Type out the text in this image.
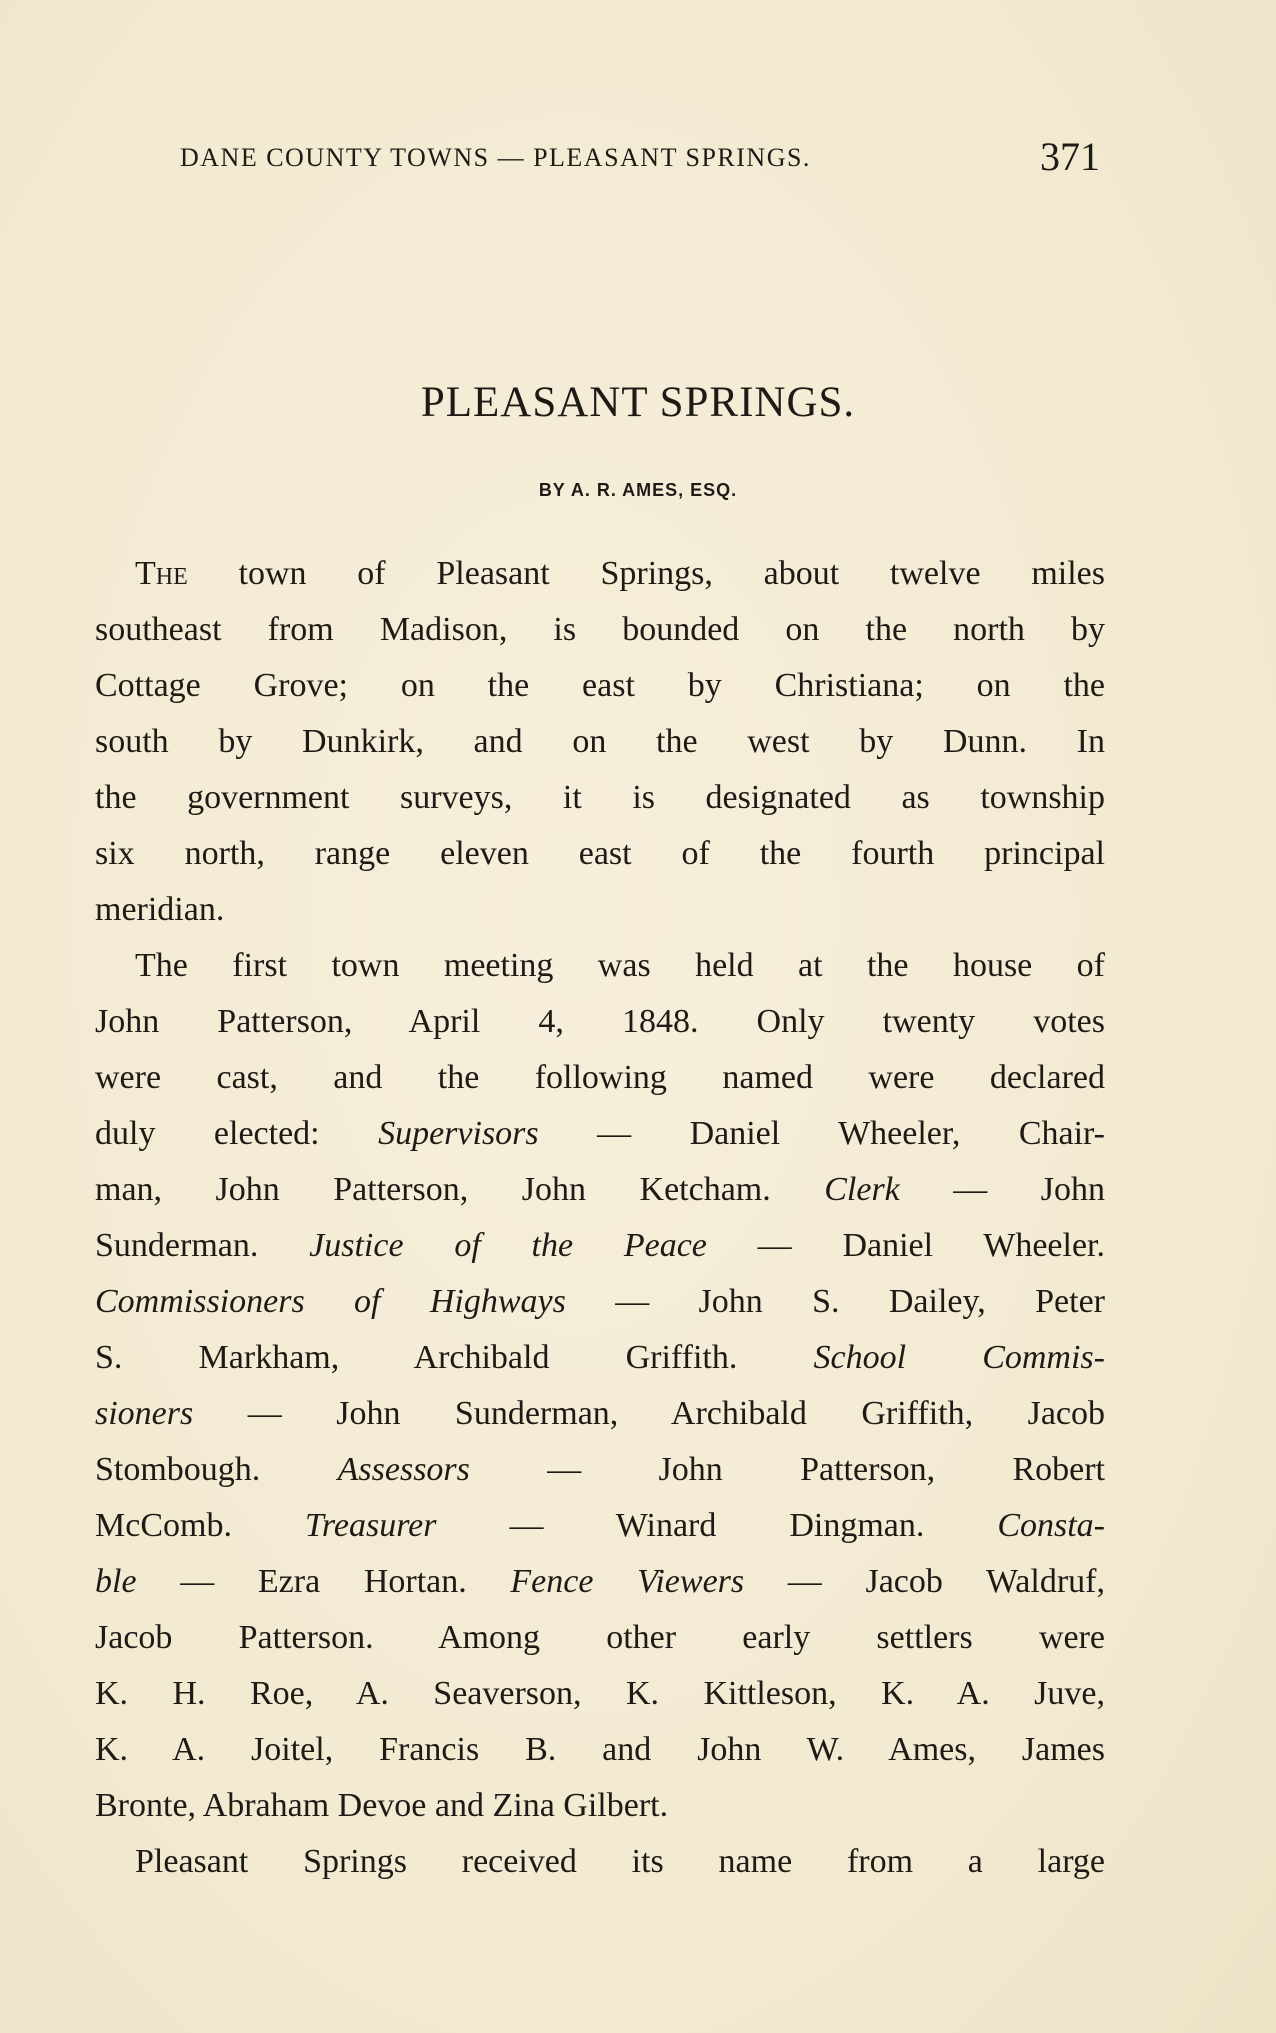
DANE COUNTY TOWNS — PLEASANT SPRINGS.	371
PLEASANT SPRINGS.
BY A. R. AMES, ESQ.
The town of Pleasant Springs, about twelve miles
southeast from Madison, is bounded on the north by
Cottage Grove; on the east by Christiana; on the
south by Dunkirk, and on the west by Dunn. In
the government surveys, it is designated as township
six north, range eleven east of the fourth principal
meridian.
The first town meeting was held at the house of
John Patterson, April 4, 1848. Only twenty votes
were cast, and the following named were declared
duly elected: Supervisors — Daniel Wheeler, Chair-
man, John Patterson, John Ketcham. Clerk — John
Sunderman. Justice of the Peace — Daniel Wheeler.
Commissioners of Highways — John S. Dailey, Peter
S. Markham, Archibald Griffith. School Commis-
sioners — John Sunderman, Archibald Griffith, Jacob
Stombough. Assessors — John Patterson, Robert
McComb. Treasurer — Winard Dingman. Consta-
ble — Ezra Hortan. Fence Viewers — Jacob Waldruf,
Jacob Patterson. Among other early settlers were
K. H. Roe, A. Seaverson, K. Kittleson, K. A. Juve,
K. A. Joitel, Francis B. and John W. Ames, James
Bronte, Abraham Devoe and Zina Gilbert.
Pleasant Springs received its name from a large
